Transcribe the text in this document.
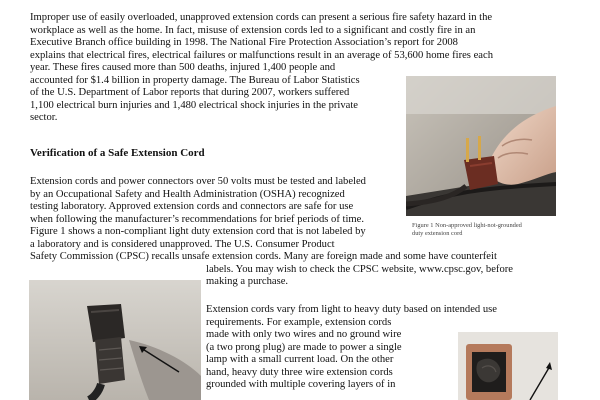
Improper use of easily overloaded, unapproved extension cords can present a serious fire safety hazard in the
workplace as well as the home. In fact, misuse of extension cords led to a significant and costly fire in an
Executive Branch office building in 1998. The National Fire Protection Association’s report for 2008
explains that electrical fires, electrical failures or malfunctions result in an average of 53,600 home fires each
year. These fires caused more than 500 deaths, injured 1,400 people and
accounted for $1.4 billion in property damage. The Bureau of Labor Statistics
of the U.S. Department of Labor reports that during 2007, workers suffered
1,100 electrical burn injuries and 1,480 electrical shock injuries in the private
sector.
Verification of a Safe Extension Cord
Extension cords and power connectors over 50 volts must be tested and labeled
by an Occupational Safety and Health Administration (OSHA) recognized
testing laboratory. Approved extension cords and connectors are safe for use
when following the manufacturer’s recommendations for brief periods of time.
Figure 1 shows a non-compliant light duty extension cord that is not labeled by
a laboratory and is considered unapproved. The U.S. Consumer Product
Safety Commission (CPSC) recalls unsafe extension cords. Many are foreign made and some have counterfeit
labels. You may wish to check the CPSC website, www.cpsc.gov, before
making a purchase.
Extension cords vary from light to heavy duty based on intended use
requirements. For example, extension cords
made with only two wires and no ground wire
(a two prong plug) are made to power a single
lamp with a small current load. On the other
hand, heavy duty three wire extension cords
grounded with multiple covering layers of in
Figure 1 Non-approved light-not-grounded
duty extension cord
